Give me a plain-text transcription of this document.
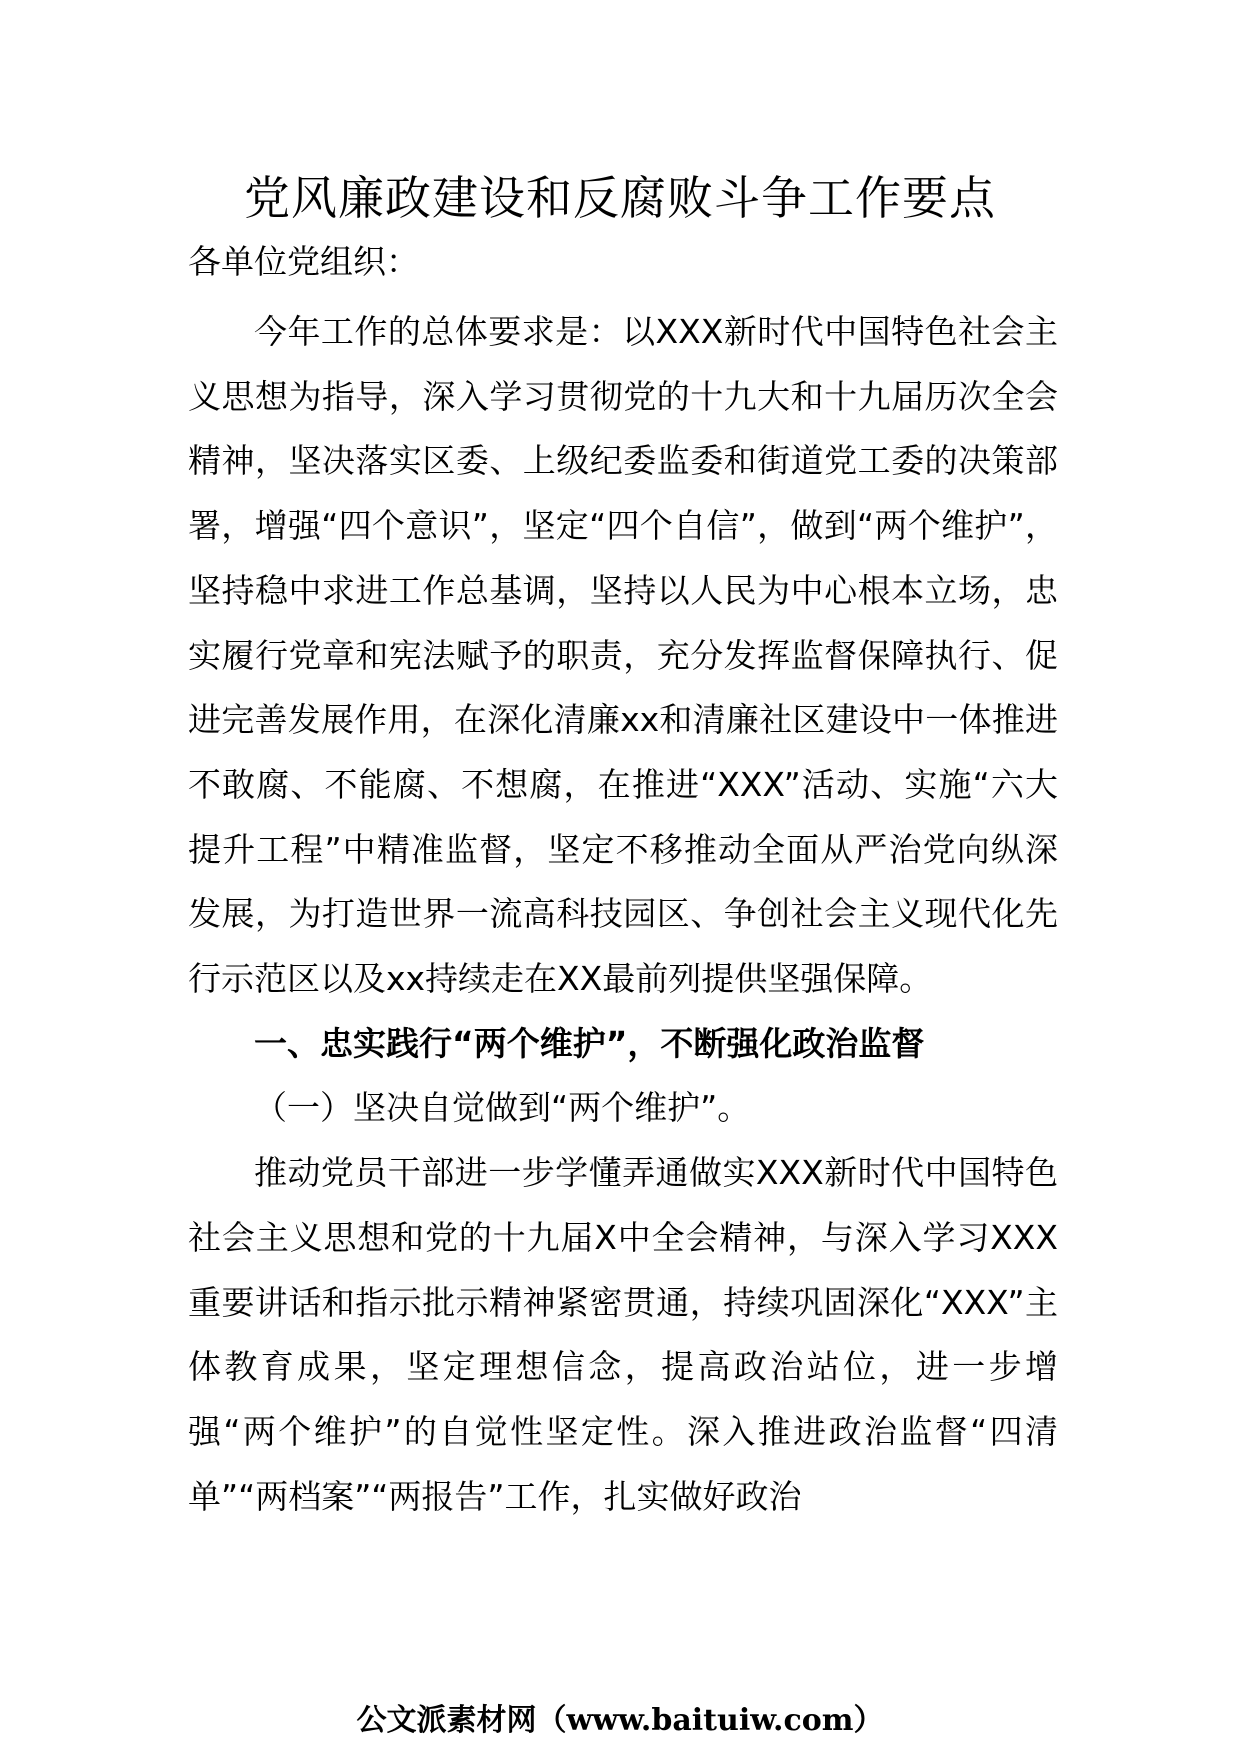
党风廉政建设和反腐败斗争工作要点
各单位党组织：

今年工作的总体要求是：以XXX新时代中国特色社会主义思想为指导，深入学习贯彻党的十九大和十九届历次全会精神，坚决落实区委、上级纪委监委和街道党工委的决策部署，增强“四个意识”，坚定“四个自信”，做到“两个维护”，坚持稳中求进工作总基调，坚持以人民为中心根本立场，忠实履行党章和宪法赋予的职责，充分发挥监督保障执行、促进完善发展作用，在深化清廉xx和清廉社区建设中一体推进不敢腐、不能腐、不想腐，在推进“XXX”活动、实施“六大提升工程”中精准监督，坚定不移推动全面从严治党向纵深发展，为打造世界一流高科技园区、争创社会主义现代化先行示范区以及xx持续走在XX最前列提供坚强保障。

一、忠实践行“两个维护”，不断强化政治监督

（一）坚决自觉做到“两个维护”。

推动党员干部进一步学懂弄通做实XXX新时代中国特色社会主义思想和党的十九届X中全会精神，与深入学习XXX重要讲话和指示批示精神紧密贯通，持续巩固深化“XXX”主体教育成果，坚定理想信念，提高政治站位，进一步增强“两个维护”的自觉性坚定性。深入推进政治监督“四清单”“两档案”“两报告”工作，扎实做好政治

公文派素材网（www.baituiw.com）
